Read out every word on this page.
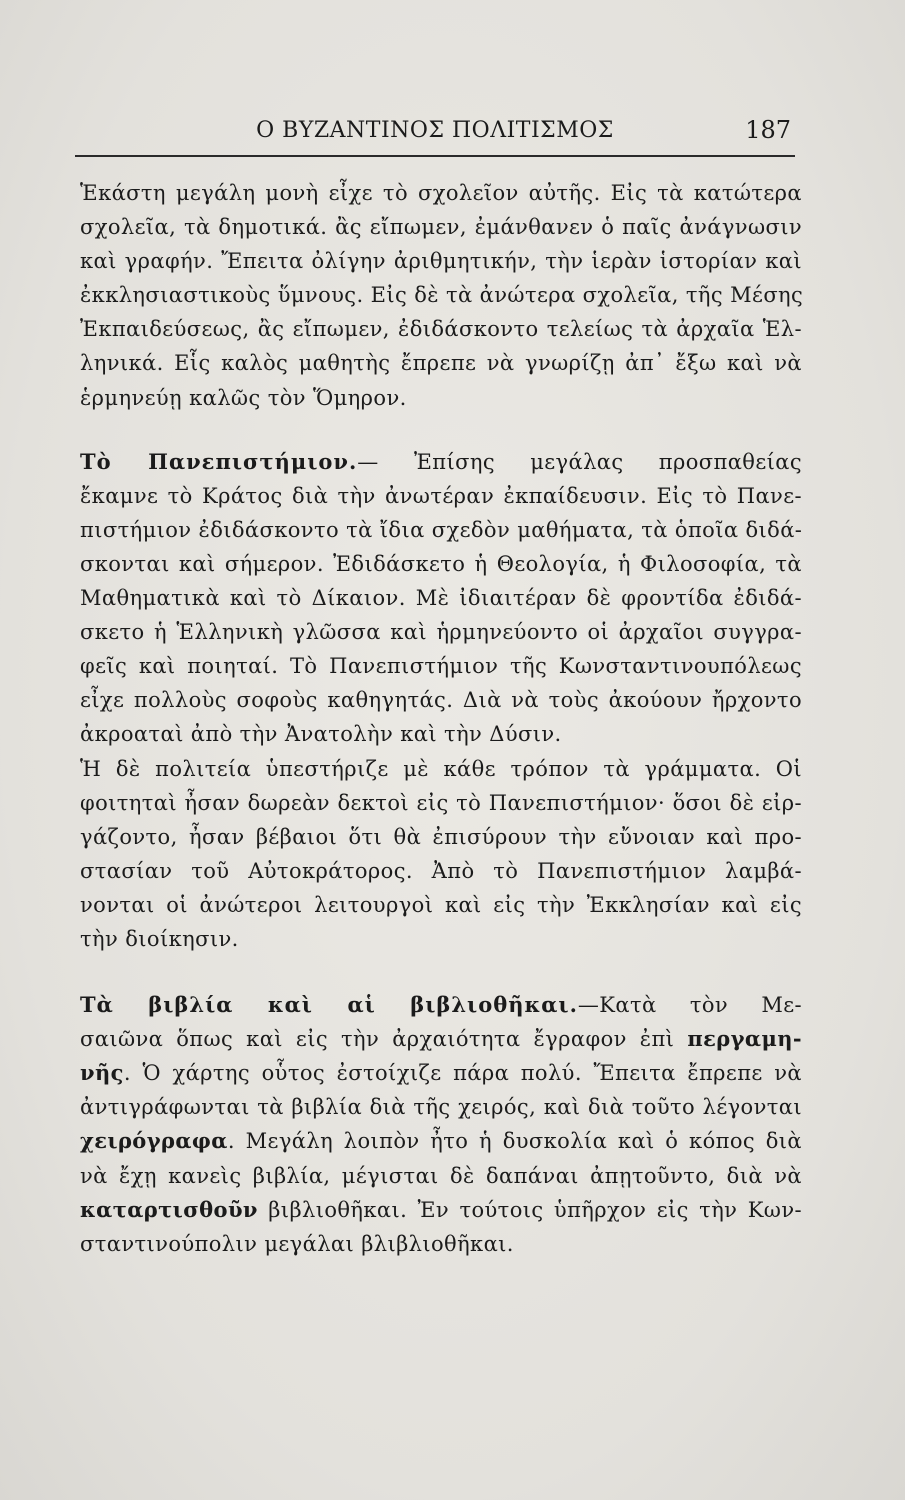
Ο ΒΥΖΑΝΤΙΝΟΣ ΠΟΛΙΤΙΣΜΟΣ	187
Ἑκάστη μεγάλη μονὴ εἶχε τὸ σχολεῖον αὐτῆς. Εἰς τὰ κατώτερα
σχολεῖα, τὰ δημοτικά. ἂς εἴπωμεν, ἐμάνθανεν ὁ παῖς ἀνάγνωσιν
καὶ γραφήν. Ἔπειτα ὀλίγην ἀριθμητικήν, τὴν ἱερὰν ἱστορίαν καὶ
ἐκκλησιαστικοὺς ὕμνους. Εἰς δὲ τὰ ἀνώτερα σχολεῖα, τῆς Μέσης
Ἐκπαιδεύσεως, ἂς εἴπωμεν, ἐδιδάσκοντο τελείως τὰ ἀρχαῖα Ἑλ-
ληνικά. Εἷς καλὸς μαθητὴς ἔπρεπε νὰ γνωρίζῃ ἀπ᾽ ἔξω καὶ νὰ
ἑρμηνεύῃ καλῶς τὸν Ὅμηρον.
Τὸ Πανεπιστήμιον.— Ἐπίσης μεγάλας προσπαθείας
ἔκαμνε τὸ Κράτος διὰ τὴν ἀνωτέραν ἐκπαίδευσιν. Εἰς τὸ Πανε-
πιστήμιον ἐδιδάσκοντο τὰ ἴδια σχεδὸν μαθήματα, τὰ ὁποῖα διδά-
σκονται καὶ σήμερον. Ἐδιδάσκετο ἡ Θεολογία, ἡ Φιλοσοφία, τὰ
Μαθηματικὰ καὶ τὸ Δίκαιον. Μὲ ἰδιαιτέραν δὲ φροντίδα ἐδιδά-
σκετο ἡ Ἑλληνικὴ γλῶσσα καὶ ἡρμηνεύοντο οἱ ἀρχαῖοι συγγρα-
φεῖς καὶ ποιηταί. Τὸ Πανεπιστήμιον τῆς Κωνσταντινουπόλεως
εἶχε πολλοὺς σοφοὺς καθηγητάς. Διὰ νὰ τοὺς ἀκούουν ἤρχοντο
ἀκροαταὶ ἀπὸ τὴν Ἀνατολὴν καὶ τὴν Δύσιν.
Ἡ δὲ πολιτεία ὑπεστήριζε μὲ κάθε τρόπον τὰ γράμματα. Οἱ
φοιτηταὶ ἦσαν δωρεὰν δεκτοὶ εἰς τὸ Πανεπιστήμιον· ὅσοι δὲ εἰρ-
γάζοντο, ἦσαν βέβαιοι ὅτι θὰ ἐπισύρουν τὴν εὔνοιαν καὶ προ-
στασίαν τοῦ Αὐτοκράτορος. Ἀπὸ τὸ Πανεπιστήμιον λαμβά-
νονται οἱ ἀνώτεροι λειτουργοὶ καὶ εἰς τὴν Ἐκκλησίαν καὶ εἰς
τὴν διοίκησιν.
Τὰ βιβλία καὶ αἱ βιβλιοθῆκαι.—Κατὰ τὸν Με-
σαιῶνα ὅπως καὶ εἰς τὴν ἀρχαιότητα ἔγραφον ἐπὶ περγαμη-
νῆς. Ὁ χάρτης οὗτος ἐστοίχιζε πάρα πολύ. Ἔπειτα ἔπρεπε νὰ
ἀντιγράφωνται τὰ βιβλία διὰ τῆς χειρός, καὶ διὰ τοῦτο λέγονται
χειρόγραφα. Μεγάλη λοιπὸν ἦτο ἡ δυσκολία καὶ ὁ κόπος διὰ
νὰ ἔχῃ κανεὶς βιβλία, μέγισται δὲ δαπάναι ἀπῃτοῦντο, διὰ νὰ
καταρτισθοῦν βιβλιοθῆκαι. Ἐν τούτοις ὑπῆρχον εἰς τὴν Κων-
σταντινούπολιν μεγάλαι βλιβλιοθῆκαι.
